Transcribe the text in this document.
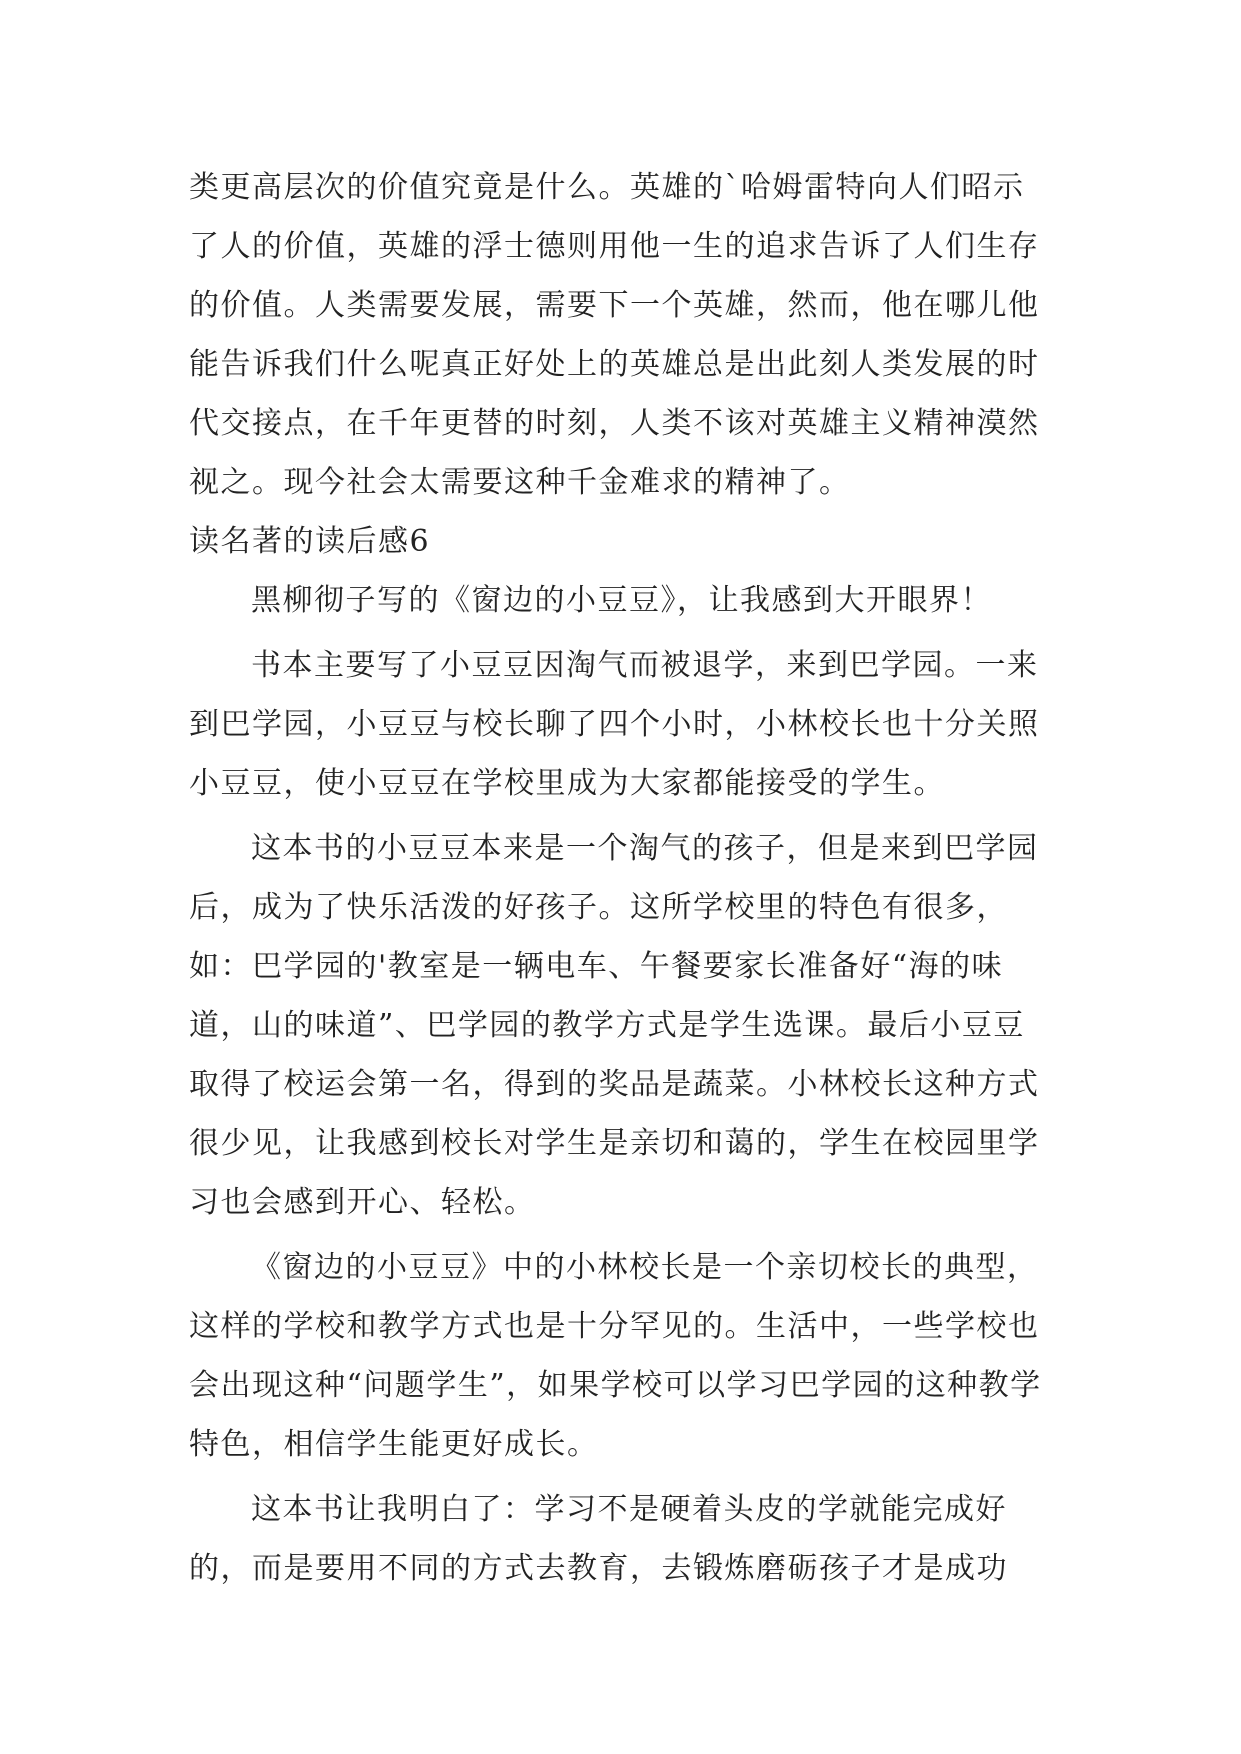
类更高层次的价值究竟是什么。英雄的`哈姆雷特向人们昭示了人的价值，英雄的浮士德则用他一生的追求告诉了人们生存的价值。人类需要发展，需要下一个英雄，然而，他在哪儿他能告诉我们什么呢真正好处上的英雄总是出此刻人类发展的时代交接点，在千年更替的时刻，人类不该对英雄主义精神漠然视之。现今社会太需要这种千金难求的精神了。

读名著的读后感6

黑柳彻子写的《窗边的小豆豆》，让我感到大开眼界！

书本主要写了小豆豆因淘气而被退学，来到巴学园。一来到巴学园，小豆豆与校长聊了四个小时，小林校长也十分关照小豆豆，使小豆豆在学校里成为大家都能接受的学生。

这本书的小豆豆本来是一个淘气的孩子，但是来到巴学园后，成为了快乐活泼的好孩子。这所学校里的特色有很多，如：巴学园的'教室是一辆电车、午餐要家长准备好“海的味道，山的味道”、巴学园的教学方式是学生选课。最后小豆豆取得了校运会第一名，得到的奖品是蔬菜。小林校长这种方式很少见，让我感到校长对学生是亲切和蔼的，学生在校园里学习也会感到开心、轻松。

《窗边的小豆豆》中的小林校长是一个亲切校长的典型，这样的学校和教学方式也是十分罕见的。生活中，一些学校也会出现这种“问题学生”，如果学校可以学习巴学园的这种教学特色，相信学生能更好成长。

这本书让我明白了：学习不是硬着头皮的学就能完成好的，而是要用不同的方式去教育，去锻炼磨砺孩子才是成功
